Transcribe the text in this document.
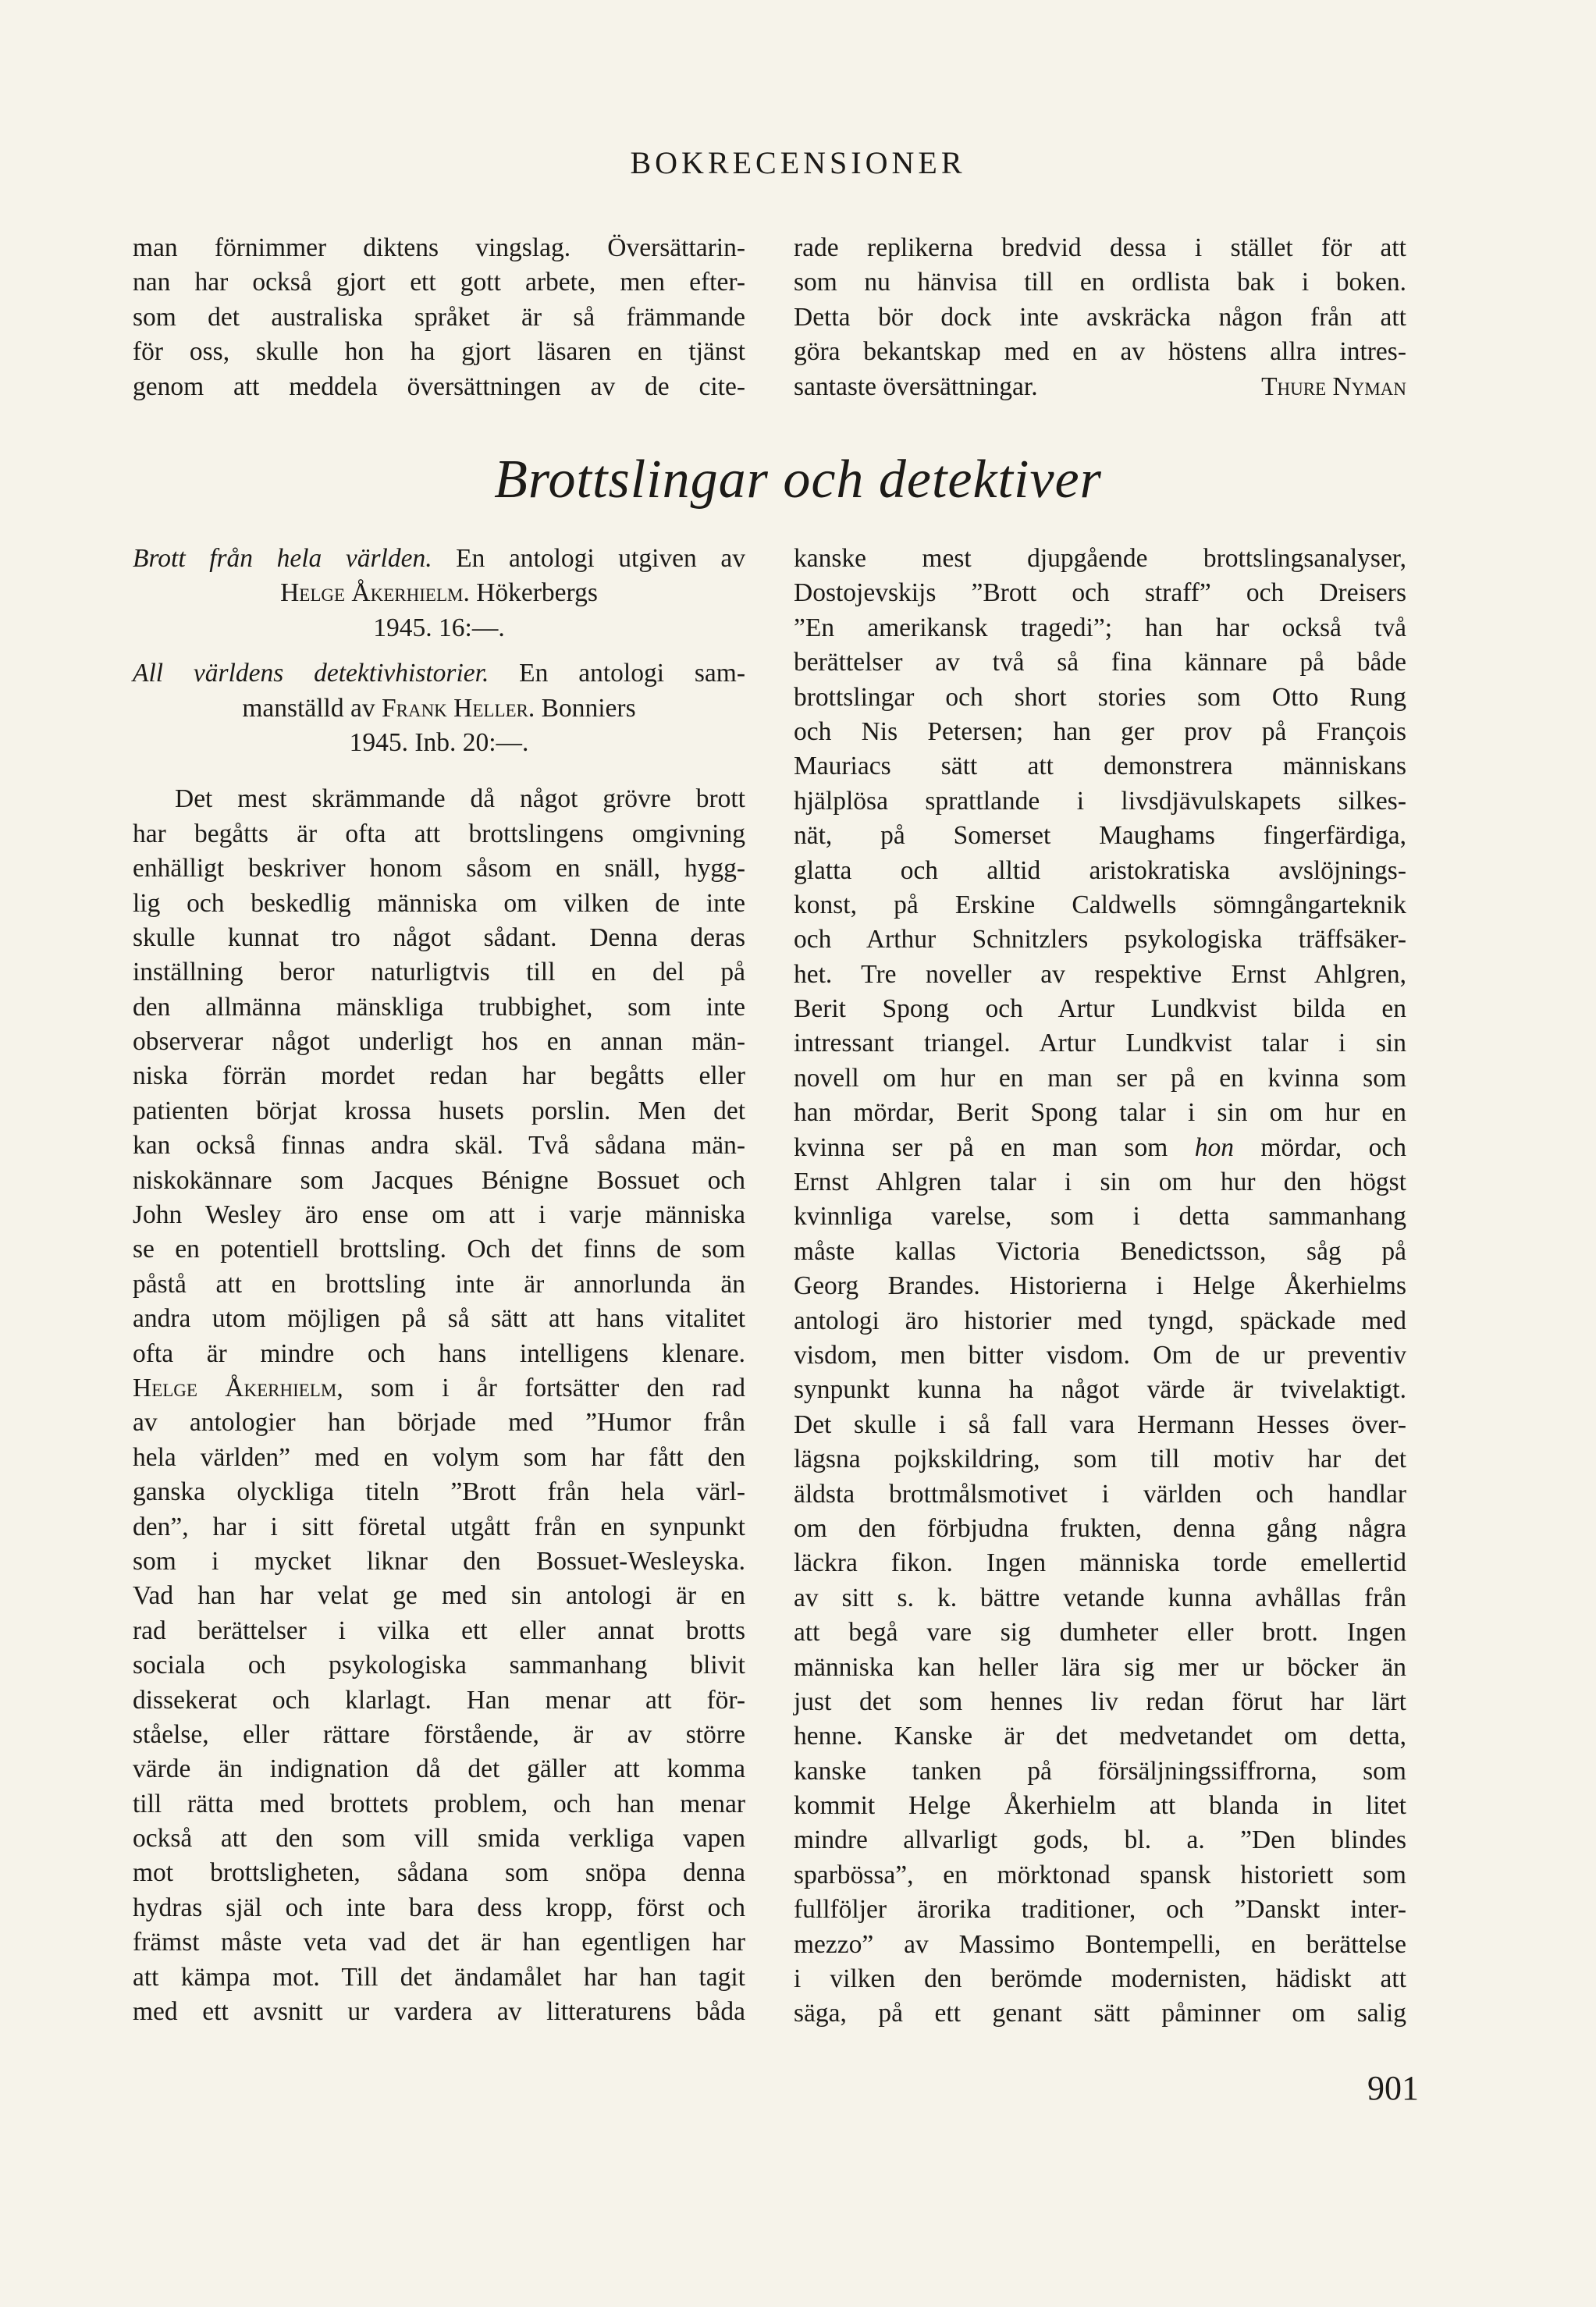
BOKRECENSIONER
man förnimmer diktens vingslag. Översättarin-
nan har också gjort ett gott arbete, men efter-
som det australiska språket är så främmande
för oss, skulle hon ha gjort läsaren en tjänst
genom att meddela översättningen av de cite-
rade replikerna bredvid dessa i stället för att
som nu hänvisa till en ordlista bak i boken.
Detta bör dock inte avskräcka någon från att
göra bekantskap med en av höstens allra intres-
santaste översättningar.	Thure Nyman
Brottslingar och detektiver
Brott från hela världen. En antologi utgiven av
Helge Åkerhielm. Hökerbergs
1945. 16:—.
All världens detektivhistorier. En antologi sam-
manställd av Frank Heller. Bonniers
1945. Inb. 20:—.
Det mest skrämmande då något grövre brott
har begåtts är ofta att brottslingens omgivning
enhälligt beskriver honom såsom en snäll, hygg-
lig och beskedlig människa om vilken de inte
skulle kunnat tro något sådant. Denna deras
inställning beror naturligtvis till en del på
den allmänna mänskliga trubbighet, som inte
observerar något underligt hos en annan män-
niska förrän mordet redan har begåtts eller
patienten börjat krossa husets porslin. Men det
kan också finnas andra skäl. Två sådana män-
niskokännare som Jacques Bénigne Bossuet och
John Wesley äro ense om att i varje människa
se en potentiell brottsling. Och det finns de som
påstå att en brottsling inte är annorlunda än
andra utom möjligen på så sätt att hans vitalitet
ofta är mindre och hans intelligens klenare.
Helge Åkerhielm, som i år fortsätter den rad
av antologier han började med ”Humor från
hela världen” med en volym som har fått den
ganska olyckliga titeln ”Brott från hela värl-
den”, har i sitt företal utgått från en synpunkt
som i mycket liknar den Bossuet-Wesleyska.
Vad han har velat ge med sin antologi är en
rad berättelser i vilka ett eller annat brotts
sociala och psykologiska sammanhang blivit
dissekerat och klarlagt. Han menar att för-
ståelse, eller rättare förstående, är av större
värde än indignation då det gäller att komma
till rätta med brottets problem, och han menar
också att den som vill smida verkliga vapen
mot brottsligheten, sådana som snöpa denna
hydras själ och inte bara dess kropp, först och
främst måste veta vad det är han egentligen har
att kämpa mot. Till det ändamålet har han tagit
med ett avsnitt ur vardera av litteraturens båda
kanske mest djupgående brottslingsanalyser,
Dostojevskijs ”Brott och straff” och Dreisers
”En amerikansk tragedi”; han har också två
berättelser av två så fina kännare på både
brottslingar och short stories som Otto Rung
och Nis Petersen; han ger prov på François
Mauriacs sätt att demonstrera människans
hjälplösa sprattlande i livsdjävulskapets silkes-
nät, på Somerset Maughams fingerfärdiga,
glatta och alltid aristokratiska avslöjnings-
konst, på Erskine Caldwells sömngångarteknik
och Arthur Schnitzlers psykologiska träffsäker-
het. Tre noveller av respektive Ernst Ahlgren,
Berit Spong och Artur Lundkvist bilda en
intressant triangel. Artur Lundkvist talar i sin
novell om hur en man ser på en kvinna som
han mördar, Berit Spong talar i sin om hur en
kvinna ser på en man som hon mördar, och
Ernst Ahlgren talar i sin om hur den högst
kvinnliga varelse, som i detta sammanhang
måste kallas Victoria Benedictsson, såg på
Georg Brandes. Historierna i Helge Åkerhielms
antologi äro historier med tyngd, späckade med
visdom, men bitter visdom. Om de ur preventiv
synpunkt kunna ha något värde är tvivelaktigt.
Det skulle i så fall vara Hermann Hesses över-
lägsna pojkskildring, som till motiv har det
äldsta brottmålsmotivet i världen och handlar
om den förbjudna frukten, denna gång några
läckra fikon. Ingen människa torde emellertid
av sitt s. k. bättre vetande kunna avhållas från
att begå vare sig dumheter eller brott. Ingen
människa kan heller lära sig mer ur böcker än
just det som hennes liv redan förut har lärt
henne. Kanske är det medvetandet om detta,
kanske tanken på försäljningssiffrorna, som
kommit Helge Åkerhielm att blanda in litet
mindre allvarligt gods, bl. a. ”Den blindes
sparbössa”, en mörktonad spansk historiett som
fullföljer ärorika traditioner, och ”Danskt inter-
mezzo” av Massimo Bontempelli, en berättelse
i vilken den berömde modernisten, hädiskt att
säga, på ett genant sätt påminner om salig
901
